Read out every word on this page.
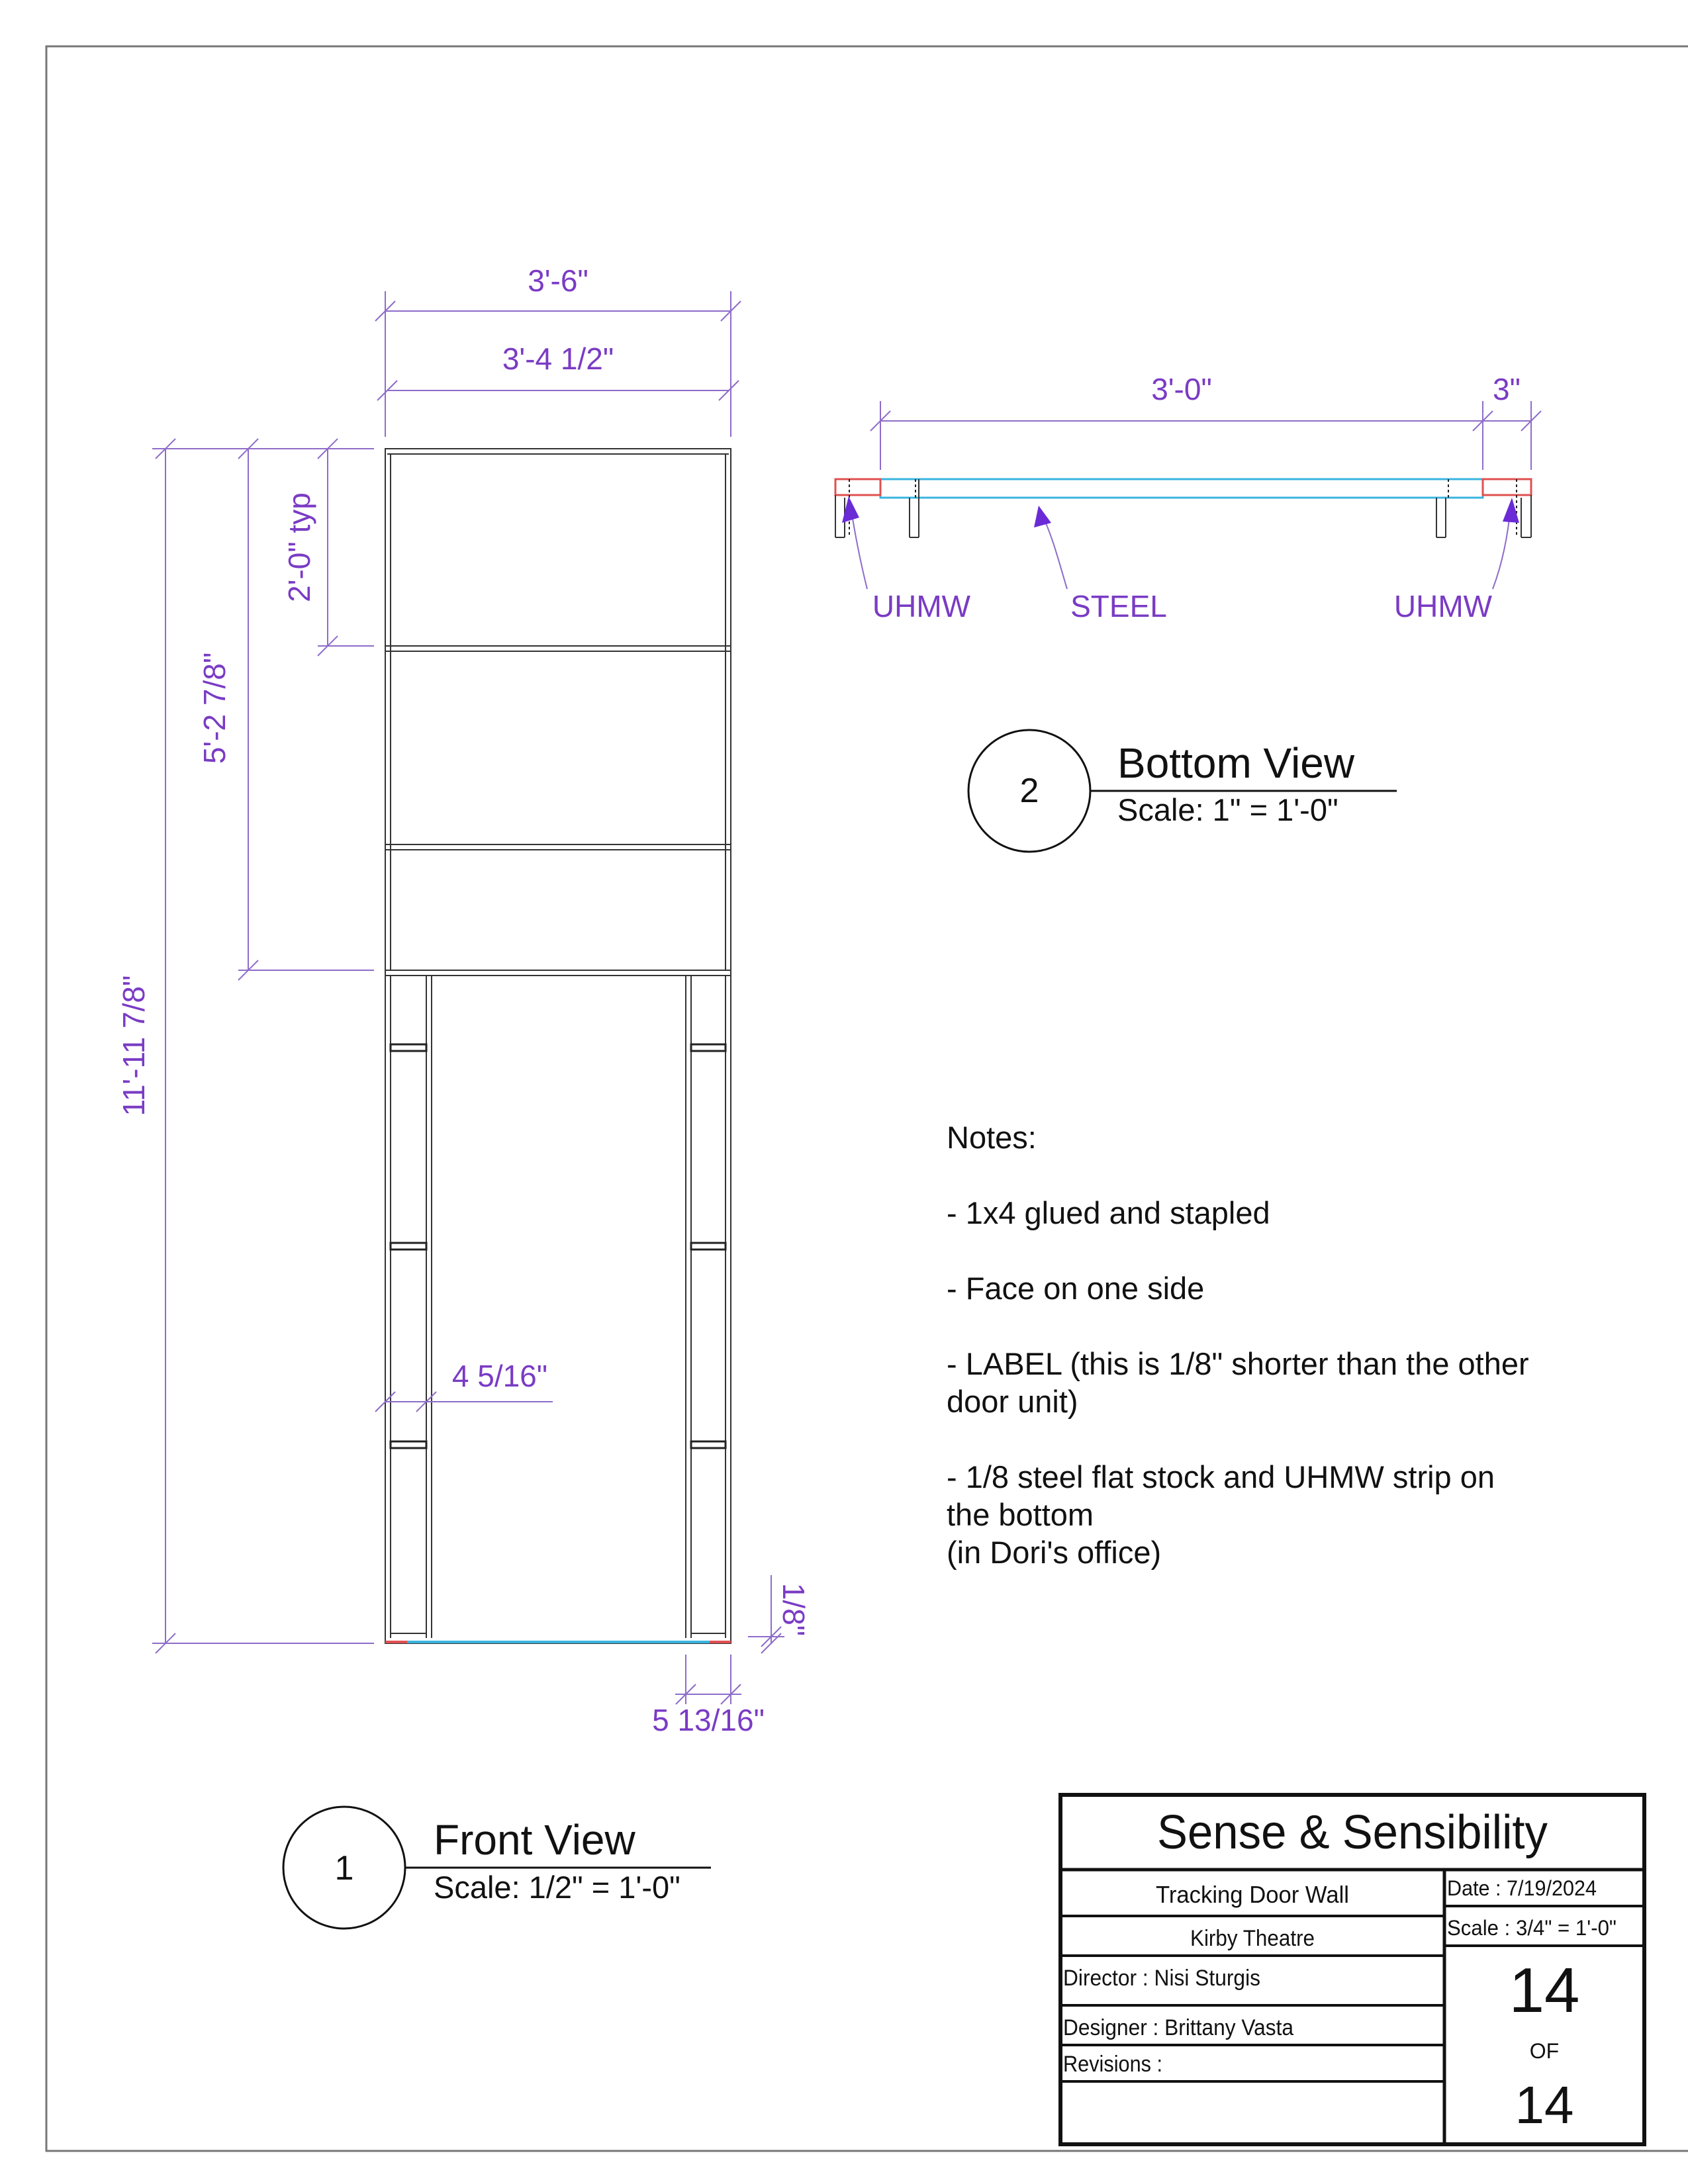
3'-6"
3'-4 1/2"
2'-0" typ
5'-2 7/8"
11'-11 7/8"
4 5/16"
1/8"
5 13/16"
3'-0"	3"
UHMW	STEEL	UHMW
2
Bottom View
Scale: 1" = 1'-0"
1
Front View
Scale: 1/2" = 1'-0"
Sense & Sensibility
Tracking Door Wall
Kirby Theatre
Director : Nisi Sturgis
Designer : Brittany Vasta
Revisions :
Date : 7/19/2024
Scale : 3/4" = 1'-0"
14
OF
14
Notes:
- 1x4 glued and stapled
- Face on one side
- LABEL (this is 1/8" shorter than the other
door unit)
- 1/8 steel flat stock and UHMW strip on
the bottom
(in Dori's office)
